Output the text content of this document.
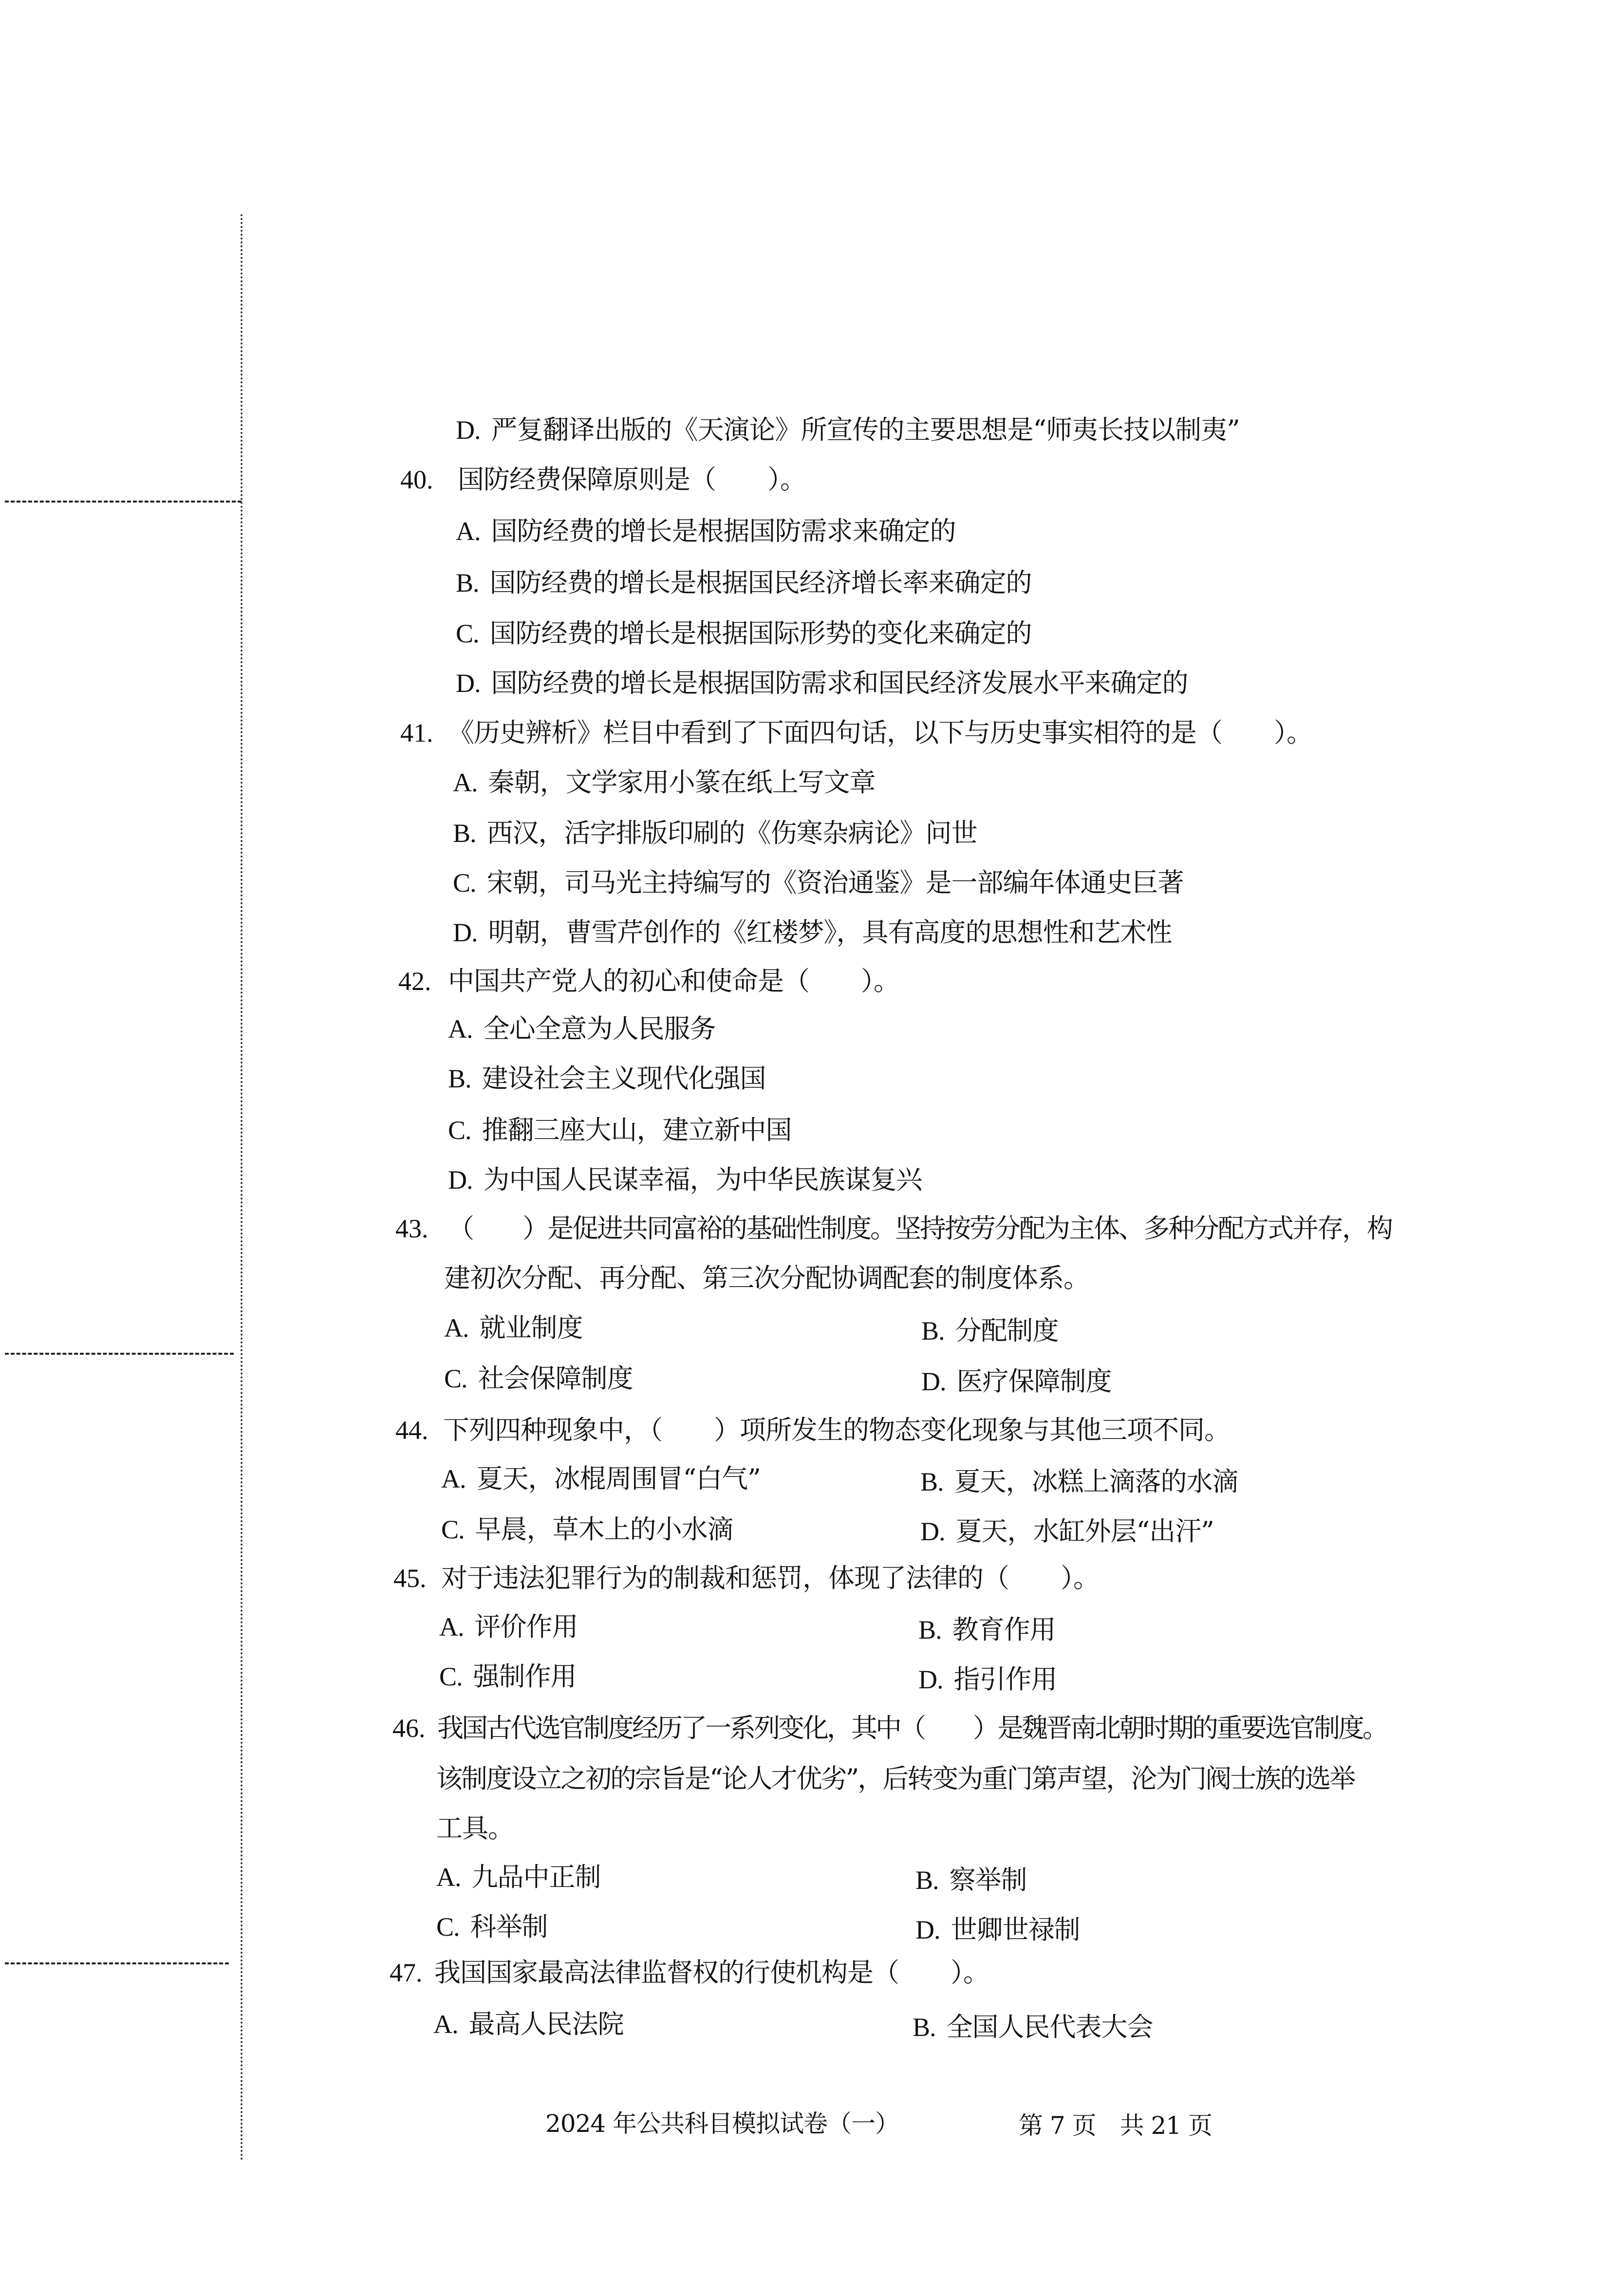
D. 严复翻译出版的《天演论》所宣传的主要思想是“师夷长技以制夷”
40. 国防经费保障原则是（　　）。
A. 国防经费的增长是根据国防需求来确定的
B. 国防经费的增长是根据国民经济增长率来确定的
C. 国防经费的增长是根据国际形势的变化来确定的
D. 国防经费的增长是根据国防需求和国民经济发展水平来确定的
41. 《历史辨析》栏目中看到了下面四句话，以下与历史事实相符的是（　　）。
A. 秦朝，文学家用小篆在纸上写文章
B. 西汉，活字排版印刷的《伤寒杂病论》问世
C. 宋朝，司马光主持编写的《资治通鉴》是一部编年体通史巨著
D. 明朝，曹雪芹创作的《红楼梦》，具有高度的思想性和艺术性
42. 中国共产党人的初心和使命是（　　）。
A. 全心全意为人民服务
B. 建设社会主义现代化强国
C. 推翻三座大山，建立新中国
D. 为中国人民谋幸福，为中华民族谋复兴
43. （　　）是促进共同富裕的基础性制度。坚持按劳分配为主体、多种分配方式并存，构
建初次分配、再分配、第三次分配协调配套的制度体系。
A. 就业制度	B. 分配制度
C. 社会保障制度	D. 医疗保障制度
44. 下列四种现象中，（　　）项所发生的物态变化现象与其他三项不同。
A. 夏天，冰棍周围冒“白气”	B. 夏天，冰糕上滴落的水滴
C. 早晨，草木上的小水滴	D. 夏天，水缸外层“出汗”
45. 对于违法犯罪行为的制裁和惩罚，体现了法律的（　　）。
A. 评价作用	B. 教育作用
C. 强制作用	D. 指引作用
46. 我国古代选官制度经历了一系列变化，其中（　　）是魏晋南北朝时期的重要选官制度。
该制度设立之初的宗旨是“论人才优劣”，后转变为重门第声望，沦为门阀士族的选举
工具。
A. 九品中正制	B. 察举制
C. 科举制	D. 世卿世禄制
47. 我国国家最高法律监督权的行使机构是（　　）。
A. 最高人民法院	B. 全国人民代表大会
2024 年公共科目模拟试卷（一）	第 7 页　共 21 页
